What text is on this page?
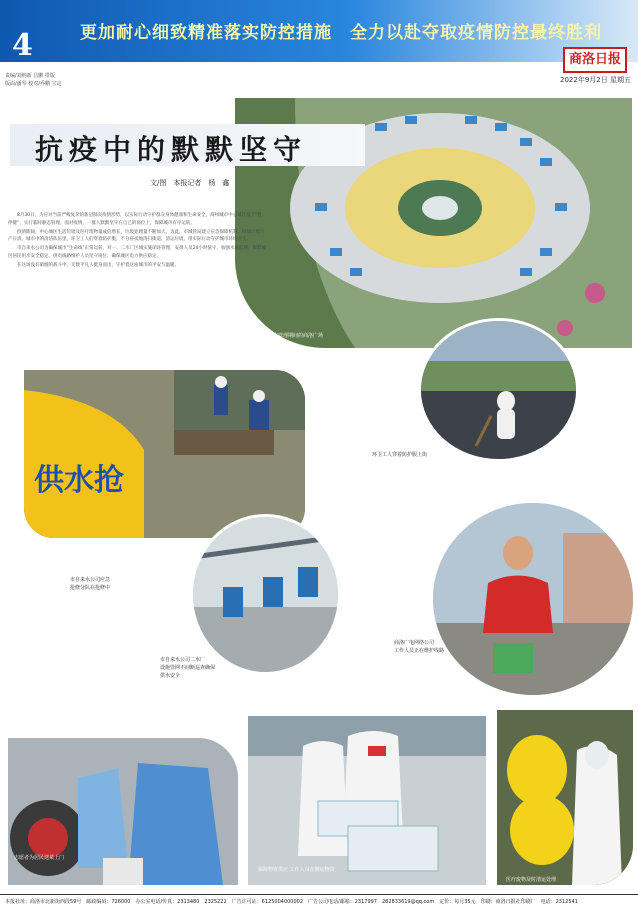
4	更加耐心细致精准落实防控措施　全力以赴夺取疫情防控最终胜利
商洛日报
2022年9月2日 星期五
责编/刘纳新 昌鹏 排版
版面/潘琴 校对/乔鹏 宝定
静态管理期间的商洛广场
抗疫中的默默坚守
文/图　本报记者　杨　鑫

8月30日，为应对当前严峻复杂的新冠肺炎疫情形势，以实际行动守护群众身体健康和生命安全，商州城市中心城区按下“暂停键”，实行临时静态管理。面对疫情，一群人默默坚守在自己的岗位上，保障城市有序运转。

疫情期间，中心城区生活垃圾及医疗废物量成倍增长，垃圾处理量不断加大。为此，市城管局建立应急保障机制，确保垃圾日产日清。城市中的清洁队伍里，环卫工人们穿着防护服，不分昼夜地清扫街道、清运垃圾，用实际行动守护城市环境卫生。

市自来水公司为确保城市“生命线”正常运转，对一、二水厂区城实施闭环管理，安排人员24小时值守，加强水质监测，保障城区居民用水安全稳定。供电线路维护人员坚守岗位，确保城区电力供应稳定。

在这场没有硝烟的战斗中，无数平凡人挺身而出，守护着这座城市的平安与温暖。

环卫工人穿着防护服上街
供水抢
市自来水公司应急
抢修分队在抢修中
市自来水公司二水厂
设施管网不间断巡查确保
供水安全
商洛广电网络公司
工作人员正在维护线路
志愿者为居民送菜上门
保障物资供应 工作人员在搬运物资
医疗废物及时清运处理
本报社址：商洛市北新街西段59号　邮政编码：726000　办公室电话/传真：2313480　2325222　广告许可证：6125004000002　广告公司电话/邮箱：2317997　282833619@qq.com　定价：每月35元　印刷：商洛日报社印刷厂　电话：2312541
